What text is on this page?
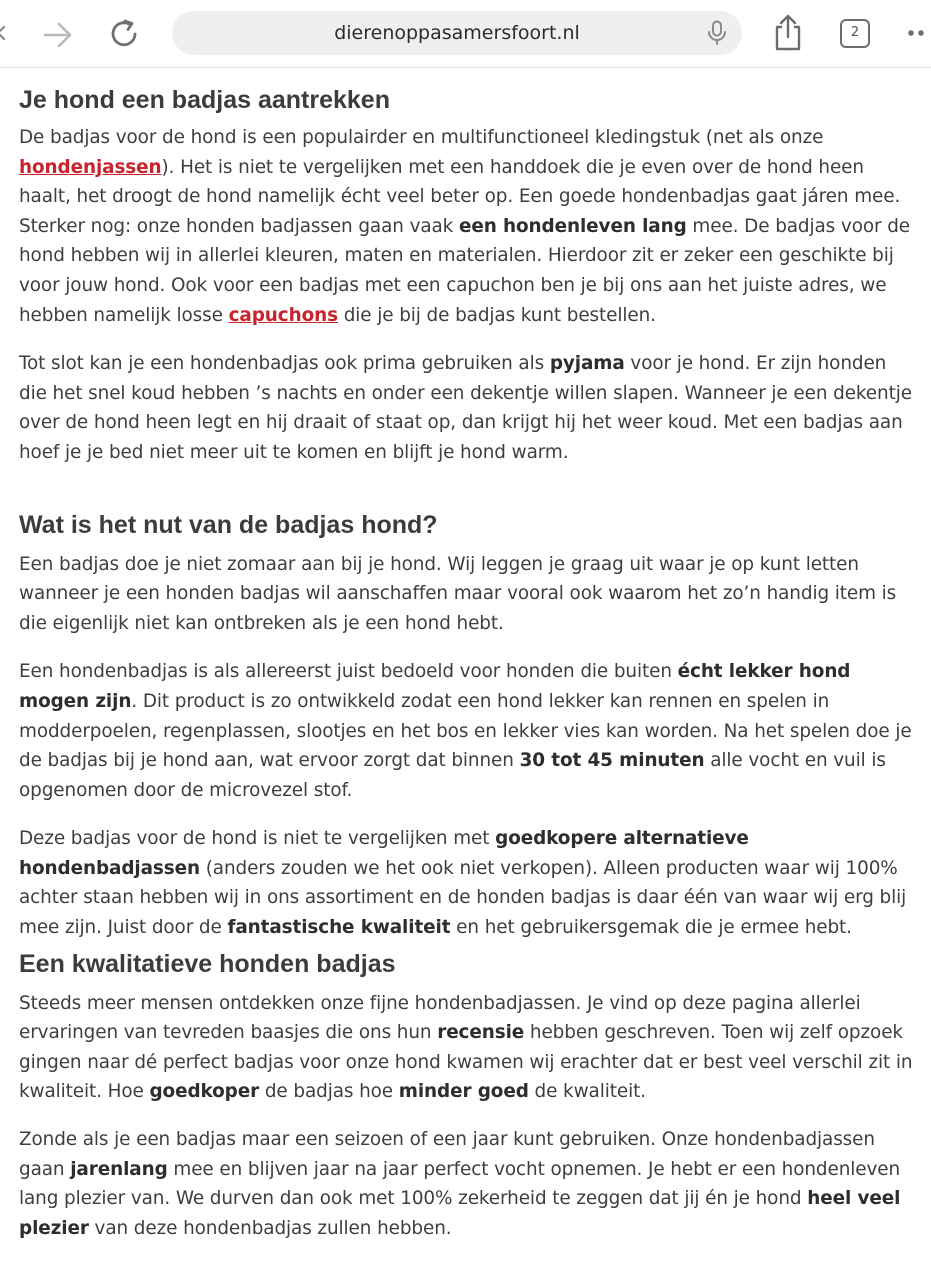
dierenoppasamersfoort.nl	2
Je hond een badjas aantrekken

De badjas voor de hond is een populairder en multifunctioneel kledingstuk (net als onze hondenjassen). Het is niet te vergelijken met een handdoek die je even over de hond heen haalt, het droogt de hond namelijk écht veel beter op. Een goede hondenbadjas gaat járen mee. Sterker nog: onze honden badjassen gaan vaak een hondenleven lang mee. De badjas voor de hond hebben wij in allerlei kleuren, maten en materialen. Hierdoor zit er zeker een geschikte bij voor jouw hond. Ook voor een badjas met een capuchon ben je bij ons aan het juiste adres, we hebben namelijk losse capuchons die je bij de badjas kunt bestellen.

Tot slot kan je een hondenbadjas ook prima gebruiken als pyjama voor je hond. Er zijn honden die het snel koud hebben ’s nachts en onder een dekentje willen slapen. Wanneer je een dekentje over de hond heen legt en hij draait of staat op, dan krijgt hij het weer koud. Met een badjas aan hoef je je bed niet meer uit te komen en blijft je hond warm.

Wat is het nut van de badjas hond?

Een badjas doe je niet zomaar aan bij je hond. Wij leggen je graag uit waar je op kunt letten wanneer je een honden badjas wil aanschaffen maar vooral ook waarom het zo’n handig item is die eigenlijk niet kan ontbreken als je een hond hebt.

Een hondenbadjas is als allereerst juist bedoeld voor honden die buiten écht lekker hond mogen zijn. Dit product is zo ontwikkeld zodat een hond lekker kan rennen en spelen in modderpoelen, regenplassen, slootjes en het bos en lekker vies kan worden. Na het spelen doe je de badjas bij je hond aan, wat ervoor zorgt dat binnen 30 tot 45 minuten alle vocht en vuil is opgenomen door de microvezel stof.

Deze badjas voor de hond is niet te vergelijken met goedkopere alternatieve hondenbadjassen (anders zouden we het ook niet verkopen). Alleen producten waar wij 100% achter staan hebben wij in ons assortiment en de honden badjas is daar één van waar wij erg blij mee zijn. Juist door de fantastische kwaliteit en het gebruikersgemak die je ermee hebt.

Een kwalitatieve honden badjas

Steeds meer mensen ontdekken onze fijne hondenbadjassen. Je vind op deze pagina allerlei ervaringen van tevreden baasjes die ons hun recensie hebben geschreven. Toen wij zelf opzoek gingen naar dé perfect badjas voor onze hond kwamen wij erachter dat er best veel verschil zit in kwaliteit. Hoe goedkoper de badjas hoe minder goed de kwaliteit.

Zonde als je een badjas maar een seizoen of een jaar kunt gebruiken. Onze hondenbadjassen gaan jarenlang mee en blijven jaar na jaar perfect vocht opnemen. Je hebt er een hondenleven lang plezier van. We durven dan ook met 100% zekerheid te zeggen dat jij én je hond heel veel plezier van deze hondenbadjas zullen hebben.
